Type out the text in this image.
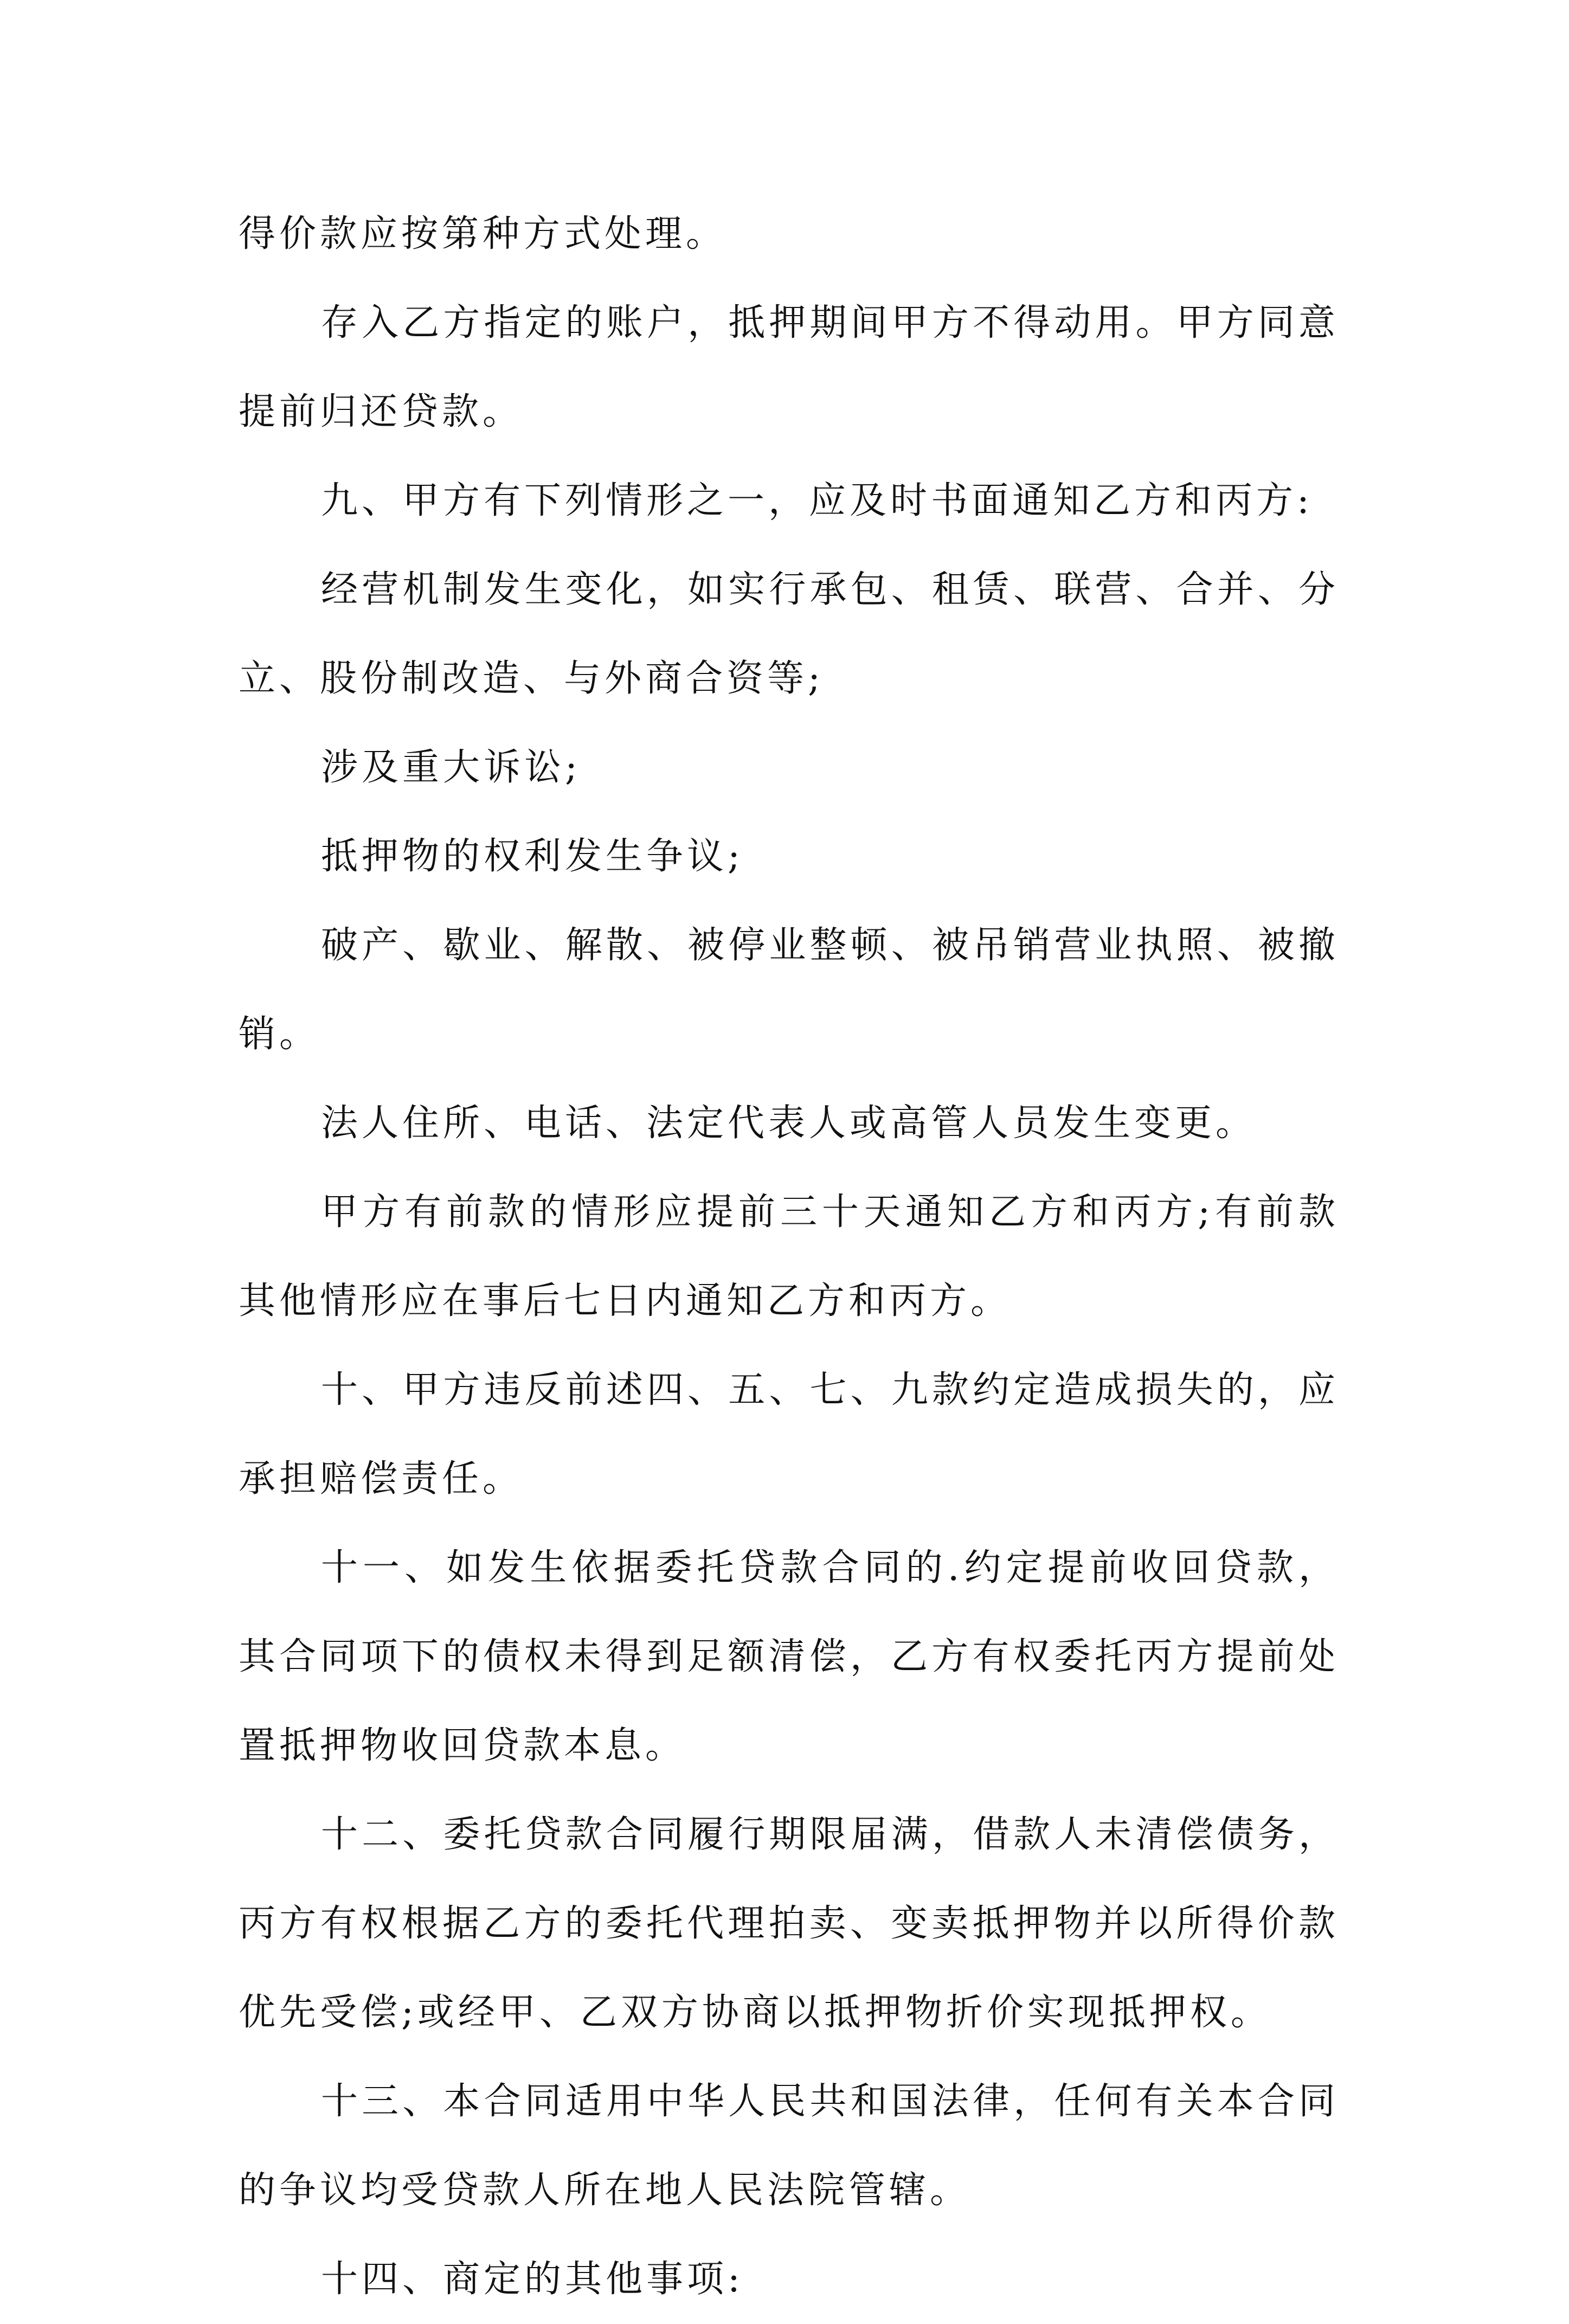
得价款应按第种方式处理。

存入乙方指定的账户，抵押期间甲方不得动用。甲方同意提前归还贷款。

九、甲方有下列情形之一，应及时书面通知乙方和丙方:

经营机制发生变化，如实行承包、租赁、联营、合并、分立、股份制改造、与外商合资等;

涉及重大诉讼;

抵押物的权利发生争议;

破产、歇业、解散、被停业整顿、被吊销营业执照、被撤销。

法人住所、电话、法定代表人或高管人员发生变更。

甲方有前款的情形应提前三十天通知乙方和丙方;有前款其他情形应在事后七日内通知乙方和丙方。

十、甲方违反前述四、五、七、九款约定造成损失的，应承担赔偿责任。

十一、如发生依据委托贷款合同的.约定提前收回贷款，其合同项下的债权未得到足额清偿，乙方有权委托丙方提前处置抵押物收回贷款本息。

十二、委托贷款合同履行期限届满，借款人未清偿债务，丙方有权根据乙方的委托代理拍卖、变卖抵押物并以所得价款优先受偿;或经甲、乙双方协商以抵押物折价实现抵押权。

十三、本合同适用中华人民共和国法律，任何有关本合同的争议均受贷款人所在地人民法院管辖。

十四、商定的其他事项:
